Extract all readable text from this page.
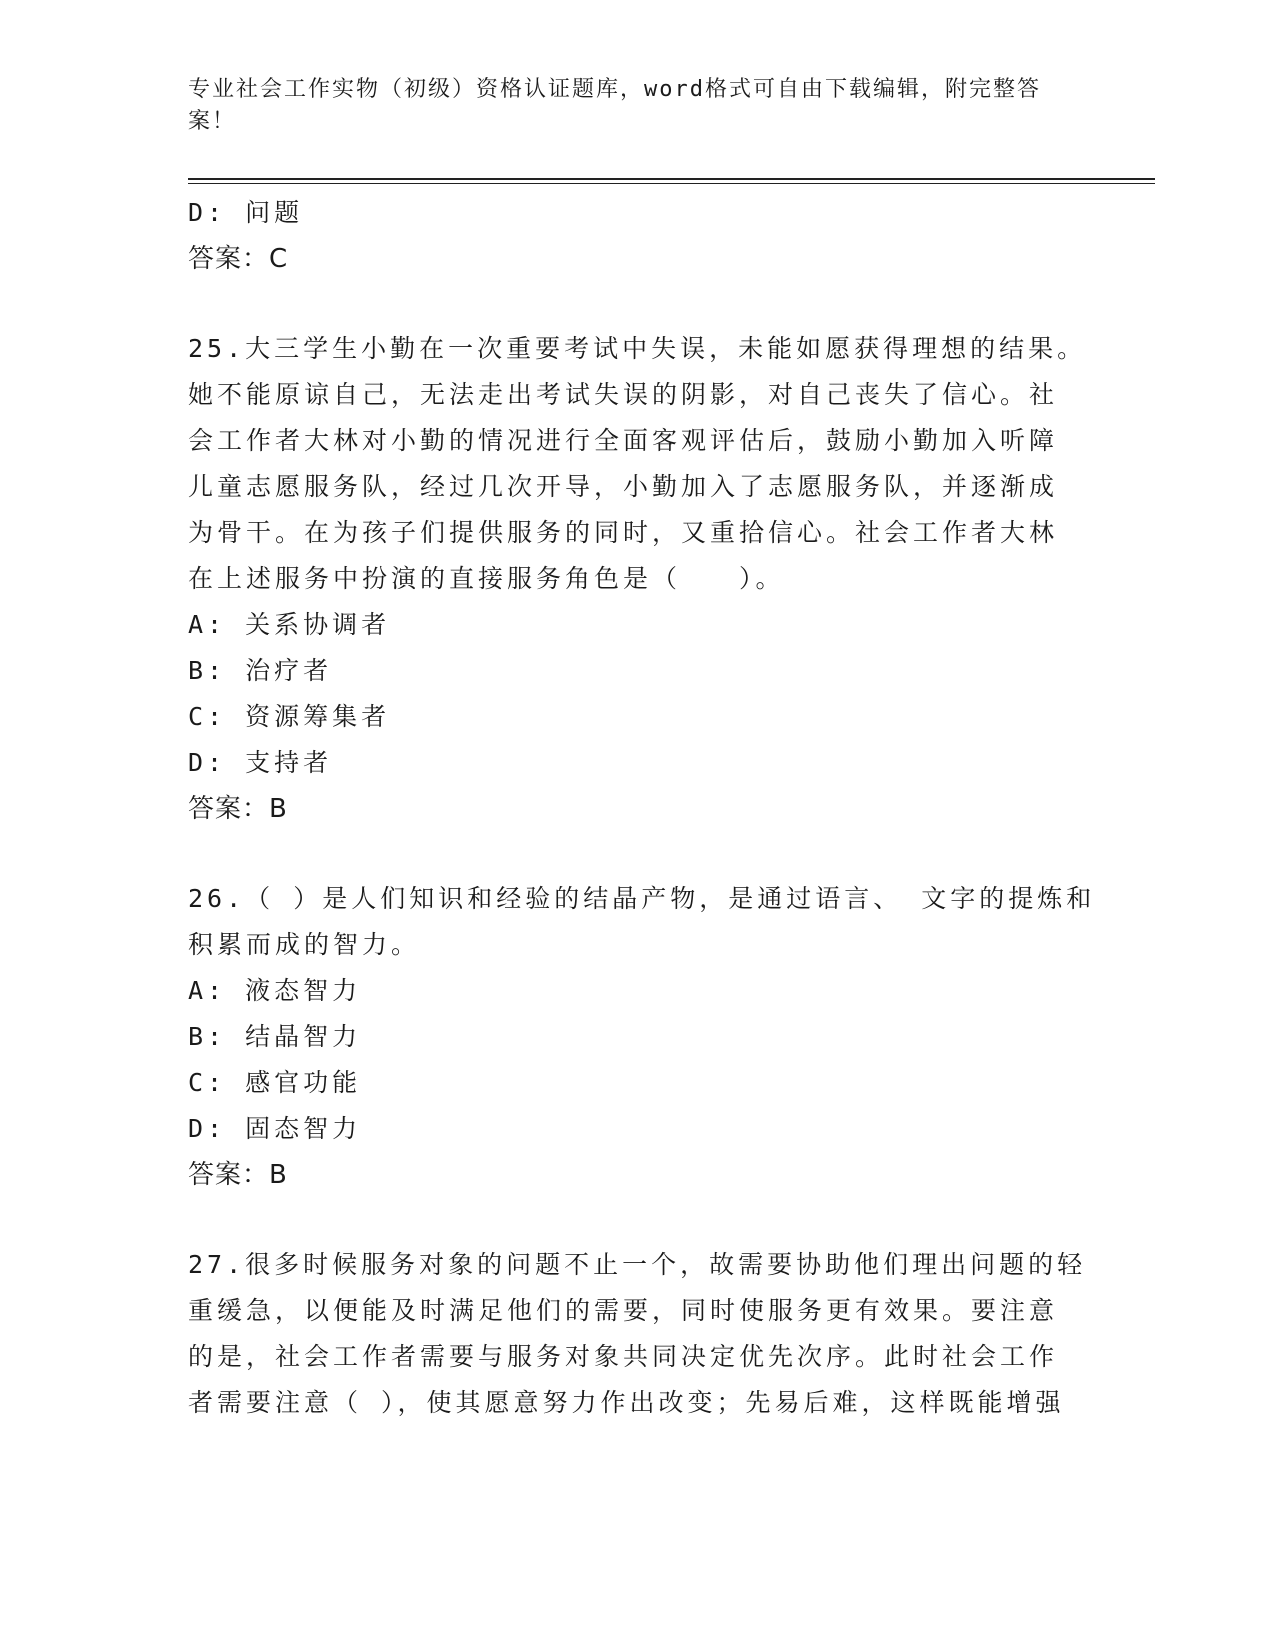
专业社会工作实物（初级）资格认证题库，word格式可自由下载编辑，附完整答案！
D: 问题
答案：C
25.大三学生小勤在一次重要考试中失误，未能如愿获得理想的结果。
她不能原谅自己，无法走出考试失误的阴影，对自己丧失了信心。社
会工作者大林对小勤的情况进行全面客观评估后，鼓励小勤加入听障
儿童志愿服务队，经过几次开导，小勤加入了志愿服务队，并逐渐成
为骨干。在为孩子们提供服务的同时，又重拾信心。社会工作者大林
在上述服务中扮演的直接服务角色是（　　）。
A: 关系协调者
B: 治疗者
C: 资源筹集者
D: 支持者
答案：B
26.（ ）是人们知识和经验的结晶产物，是通过语言、 文字的提炼和
积累而成的智力。
A: 液态智力
B: 结晶智力
C: 感官功能
D: 固态智力
答案：B
27.很多时候服务对象的问题不止一个，故需要协助他们理出问题的轻
重缓急，以便能及时满足他们的需要，同时使服务更有效果。要注意
的是，社会工作者需要与服务对象共同决定优先次序。此时社会工作
者需要注意（ ），使其愿意努力作出改变；先易后难，这样既能增强
